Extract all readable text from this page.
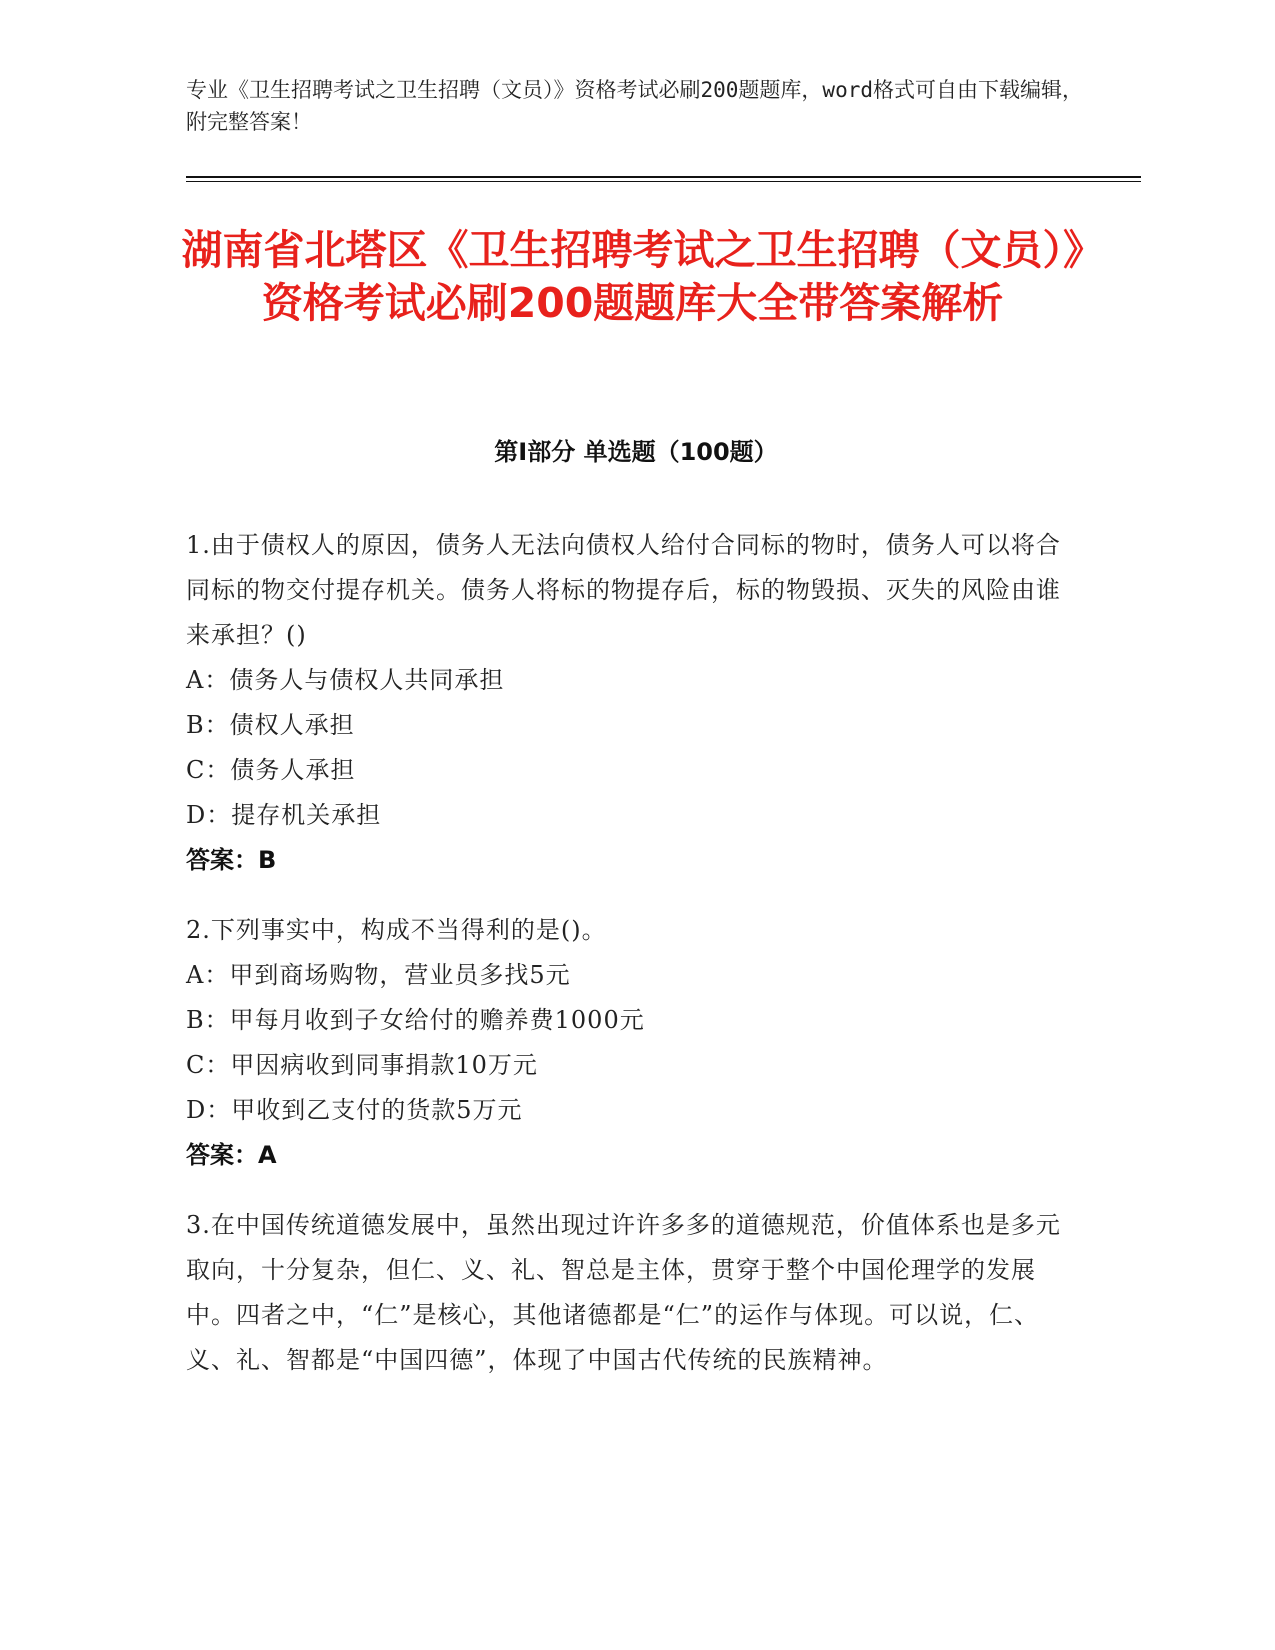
专业《卫生招聘考试之卫生招聘（文员）》资格考试必刷200题题库，word格式可自由下载编辑，附完整答案！
湖南省北塔区《卫生招聘考试之卫生招聘（文员）》资格考试必刷200题题库大全带答案解析
第I部分 单选题（100题）
1.由于债权人的原因，债务人无法向债权人给付合同标的物时，债务人可以将合同标的物交付提存机关。债务人将标的物提存后，标的物毁损、灭失的风险由谁来承担？()
A：债务人与债权人共同承担
B：债权人承担
C：债务人承担
D：提存机关承担
答案：B
2.下列事实中，构成不当得利的是()。
A：甲到商场购物，营业员多找5元
B：甲每月收到子女给付的赡养费1000元
C：甲因病收到同事捐款10万元
D：甲收到乙支付的货款5万元
答案：A
3.在中国传统道德发展中，虽然出现过许许多多的道德规范，价值体系也是多元取向，十分复杂，但仁、义、礼、智总是主体，贯穿于整个中国伦理学的发展中。四者之中，“仁”是核心，其他诸德都是“仁”的运作与体现。可以说，仁、义、礼、智都是“中国四德”，体现了中国古代传统的民族精神。
